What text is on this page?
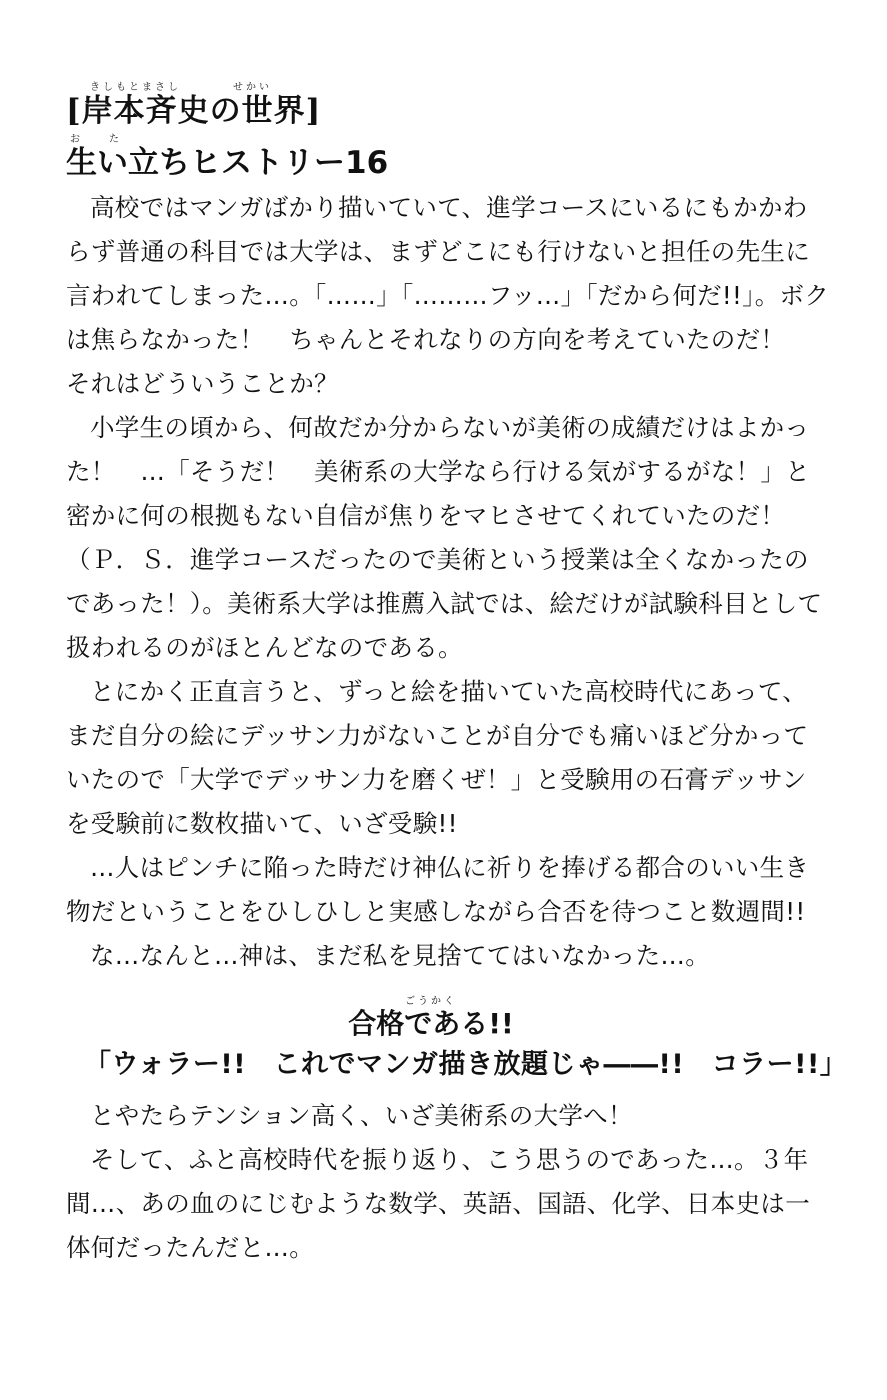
きしもとまさし　　　　せかい
[岸本斉史の世界]
お　　た
生い立ちヒストリー16
高校ではマンガばかり描いていて、進学コースにいるにもかかわ
らず普通の科目では大学は、まずどこにも行けないと担任の先生に
言われてしまった…。「……」「………フッ…」「だから何だ!!」。ボク
は焦らなかった！　ちゃんとそれなりの方向を考えていたのだ！
それはどういうことか？
小学生の頃から、何故だか分からないが美術の成績だけはよかっ
た！　…「そうだ！　美術系の大学なら行ける気がするがな！」と
密かに何の根拠もない自信が焦りをマヒさせてくれていたのだ！
（Ｐ．Ｓ．進学コースだったので美術という授業は全くなかったの
であった！）。美術系大学は推薦入試では、絵だけが試験科目として
扱われるのがほとんどなのである。
とにかく正直言うと、ずっと絵を描いていた高校時代にあって、
まだ自分の絵にデッサン力がないことが自分でも痛いほど分かって
いたので「大学でデッサン力を磨くぜ！」と受験用の石膏デッサン
を受験前に数枚描いて、いざ受験!!
…人はピンチに陥った時だけ神仏に祈りを捧げる都合のいい生き
物だということをひしひしと実感しながら合否を待つこと数週間!!
な…なんと…神は、まだ私を見捨ててはいなかった…。
ごうかく
合格である!!
「ウォラー!!　これでマンガ描き放題じゃ――!!　コラー!!」
とやたらテンション高く、いざ美術系の大学へ！
そして、ふと高校時代を振り返り、こう思うのであった…。３年
間…、あの血のにじむような数学、英語、国語、化学、日本史は一
体何だったんだと…。
